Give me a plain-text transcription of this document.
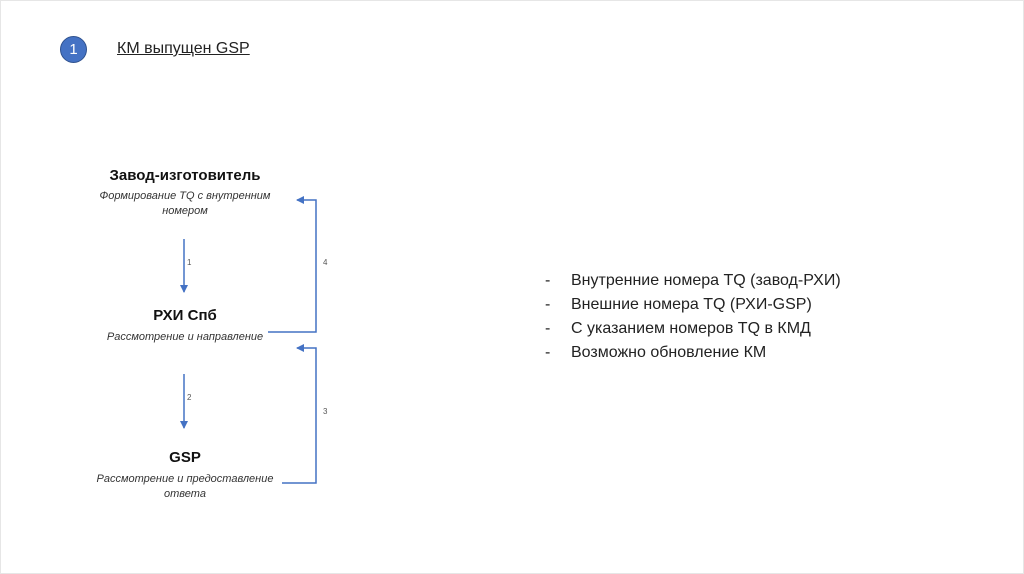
1	КМ выпущен GSP
Завод-изготовитель
Формирование TQ с внутренним номером
РХИ Спб
Рассмотрение и направление
GSP
Рассмотрение и предоставление ответа
1
2
4
3
- Внутренние номера TQ (завод-РХИ)
- Внешние номера TQ (РХИ-GSP)
- С указанием номеров TQ в КМД
- Возможно обновление КМ
